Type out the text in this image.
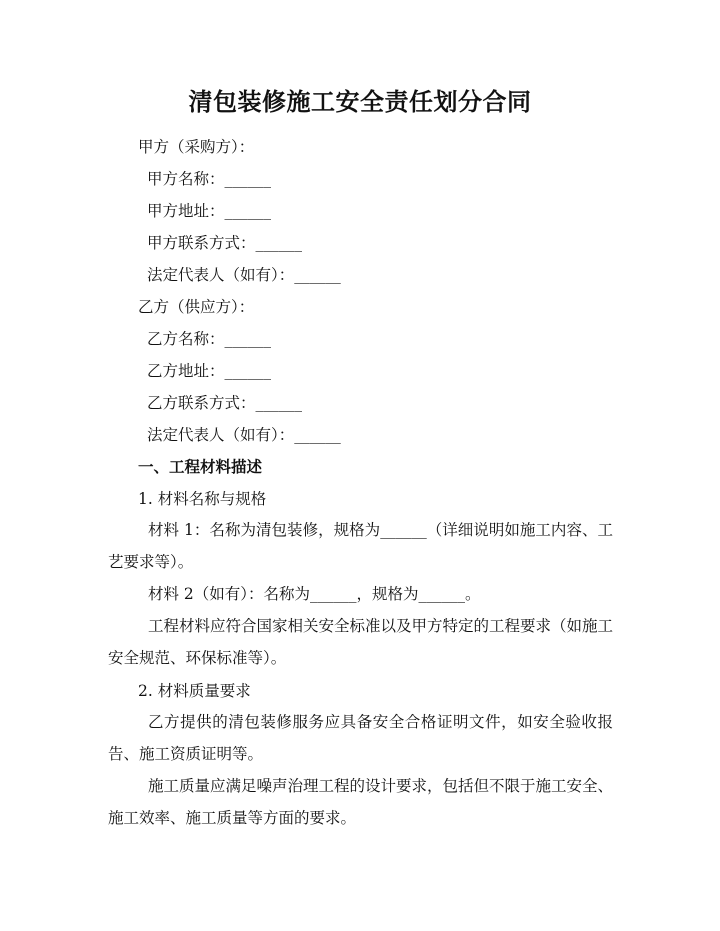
清包装修施工安全责任划分合同
甲方（采购方）：
甲方名称：______
甲方地址：______
甲方联系方式：______
法定代表人（如有）：______
乙方（供应方）：
乙方名称：______
乙方地址：______
乙方联系方式：______
法定代表人（如有）：______
一、工程材料描述
1. 材料名称与规格
材料 1：名称为清包装修，规格为______（详细说明如施工内容、工艺要求等）。
材料 2（如有）：名称为______，规格为______。
工程材料应符合国家相关安全标准以及甲方特定的工程要求（如施工安全规范、环保标准等）。
2. 材料质量要求
乙方提供的清包装修服务应具备安全合格证明文件，如安全验收报告、施工资质证明等。
施工质量应满足噪声治理工程的设计要求，包括但不限于施工安全、施工效率、施工质量等方面的要求。
